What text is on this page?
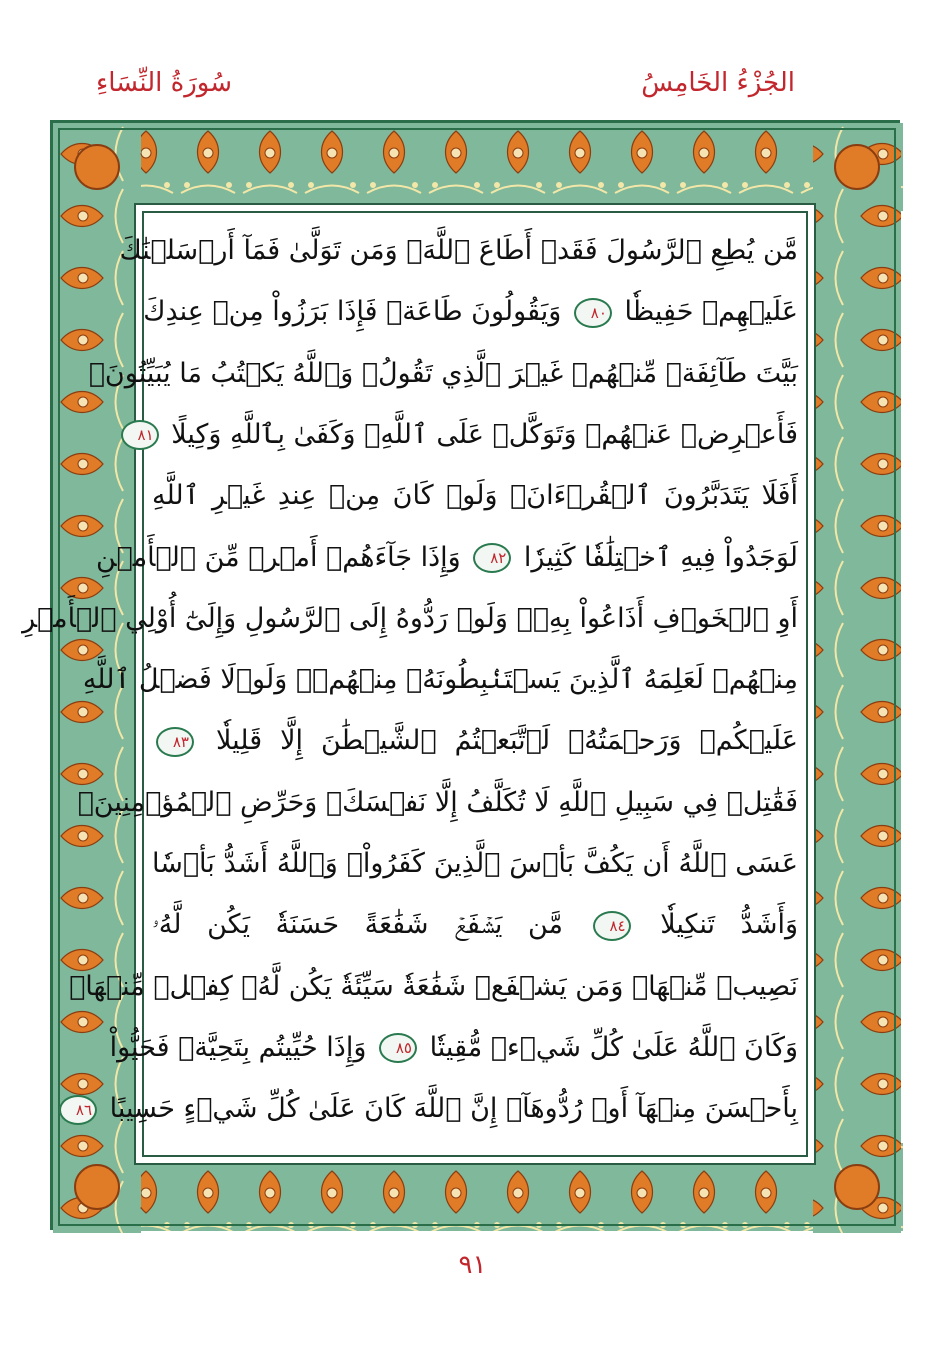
الجُزْءُ الخَامِسُ
سُورَةُ النِّسَاءِ
مَّن يُطِعِ ٱلرَّسُولَ فَقَدۡ أَطَاعَ ٱللَّهَۖ وَمَن تَوَلَّىٰ فَمَآ أَرۡسَلۡنَٰكَ
عَلَيۡهِمۡ حَفِيظٗا ٨٠ وَيَقُولُونَ طَاعَةٞ فَإِذَا بَرَزُواْ مِنۡ عِندِكَ
بَيَّتَ طَآئِفَةٞ مِّنۡهُمۡ غَيۡرَ ٱلَّذِي تَقُولُۖ وَٱللَّهُ يَكۡتُبُ مَا يُبَيِّتُونَۖ
فَأَعۡرِضۡ عَنۡهُمۡ وَتَوَكَّلۡ عَلَى ٱللَّهِۚ وَكَفَىٰ بِٱللَّهِ وَكِيلًا ٨١
أَفَلَا يَتَدَبَّرُونَ ٱلۡقُرۡءَانَۚ وَلَوۡ كَانَ مِنۡ عِندِ غَيۡرِ ٱللَّهِ
لَوَجَدُواْ فِيهِ ٱخۡتِلَٰفٗا كَثِيرٗا ٨٢ وَإِذَا جَآءَهُمۡ أَمۡرٞ مِّنَ ٱلۡأَمۡنِ
أَوِ ٱلۡخَوۡفِ أَذَاعُواْ بِهِۦۖ وَلَوۡ رَدُّوهُ إِلَى ٱلرَّسُولِ وَإِلَىٰٓ أُوْلِي ٱلۡأَمۡرِ
مِنۡهُمۡ لَعَلِمَهُ ٱلَّذِينَ يَسۡتَنۢبِطُونَهُۥ مِنۡهُمۡۗ وَلَوۡلَا فَضۡلُ ٱللَّهِ
عَلَيۡكُمۡ وَرَحۡمَتُهُۥ لَٱتَّبَعۡتُمُ ٱلشَّيۡطَٰنَ إِلَّا قَلِيلٗا ٨٣
فَقَٰتِلۡ فِي سَبِيلِ ٱللَّهِ لَا تُكَلَّفُ إِلَّا نَفۡسَكَۚ وَحَرِّضِ ٱلۡمُؤۡمِنِينَۖ
عَسَى ٱللَّهُ أَن يَكُفَّ بَأۡسَ ٱلَّذِينَ كَفَرُواْۚ وَٱللَّهُ أَشَدُّ بَأۡسٗا
وَأَشَدُّ تَنكِيلٗا ٨٤ مَّن يَشۡفَعۡ شَفَٰعَةً حَسَنَةٗ يَكُن لَّهُۥ
نَصِيبٞ مِّنۡهَاۖ وَمَن يَشۡفَعۡ شَفَٰعَةٗ سَيِّئَةٗ يَكُن لَّهُۥ كِفۡلٞ مِّنۡهَاۗ
وَكَانَ ٱللَّهُ عَلَىٰ كُلِّ شَيۡءٖ مُّقِيتٗا ٨٥ وَإِذَا حُيِّيتُم بِتَحِيَّةٖ فَحَيُّواْ
بِأَحۡسَنَ مِنۡهَآ أَوۡ رُدُّوهَآۗ إِنَّ ٱللَّهَ كَانَ عَلَىٰ كُلِّ شَيۡءٍ حَسِيبًا ٨٦
٩١
